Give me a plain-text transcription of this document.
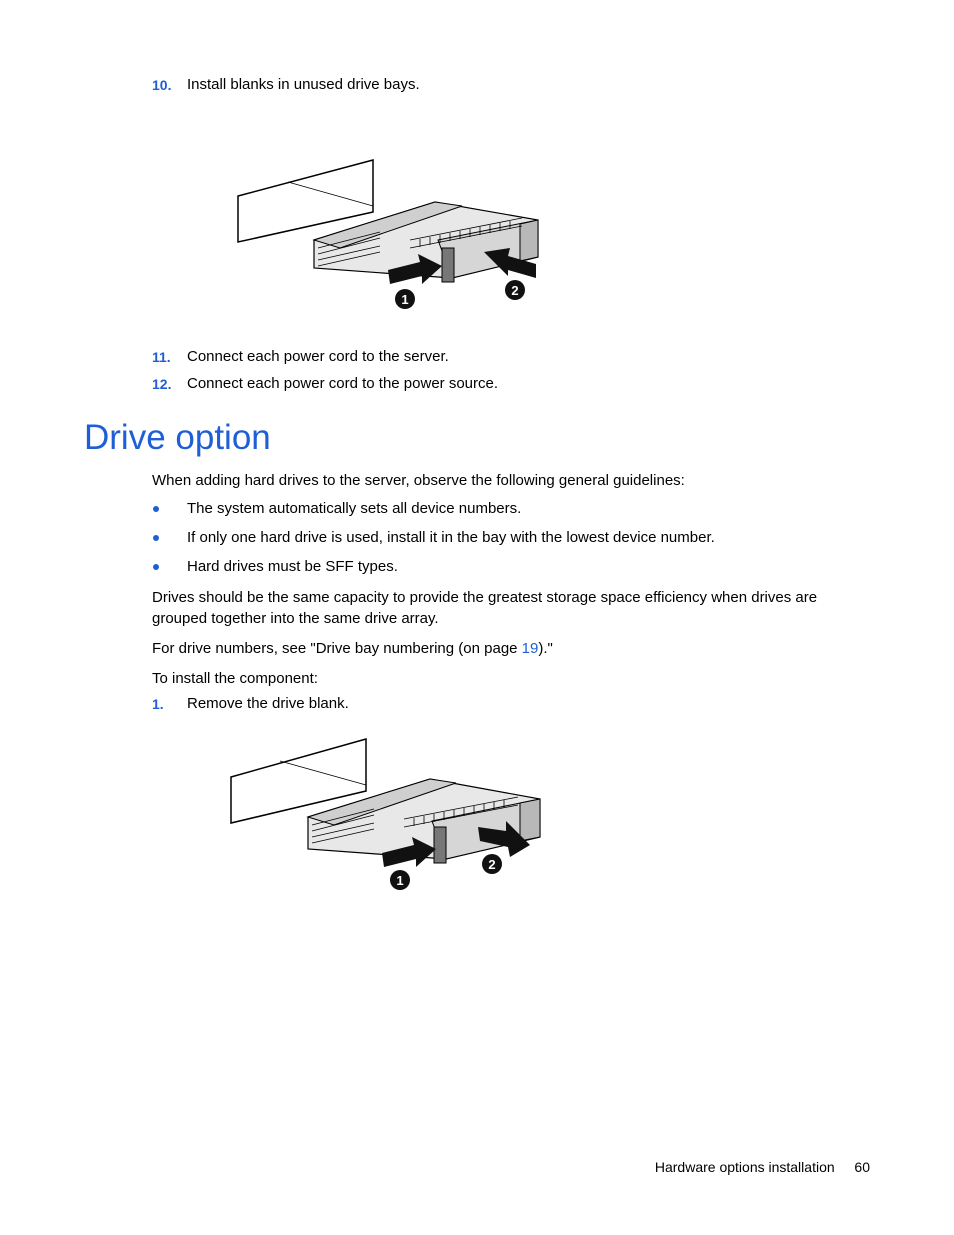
10. Install blanks in unused drive bays.
1
2
11. Connect each power cord to the server.
12. Connect each power cord to the power source.
Drive option
When adding hard drives to the server, observe the following general guidelines:
The system automatically sets all device numbers.
If only one hard drive is used, install it in the bay with the lowest device number.
Hard drives must be SFF types.
Drives should be the same capacity to provide the greatest storage space efficiency when drives are grouped together into the same drive array.
For drive numbers, see "Drive bay numbering (on page 19)."
To install the component:
1. Remove the drive blank.
1
2
Hardware options installation 60
